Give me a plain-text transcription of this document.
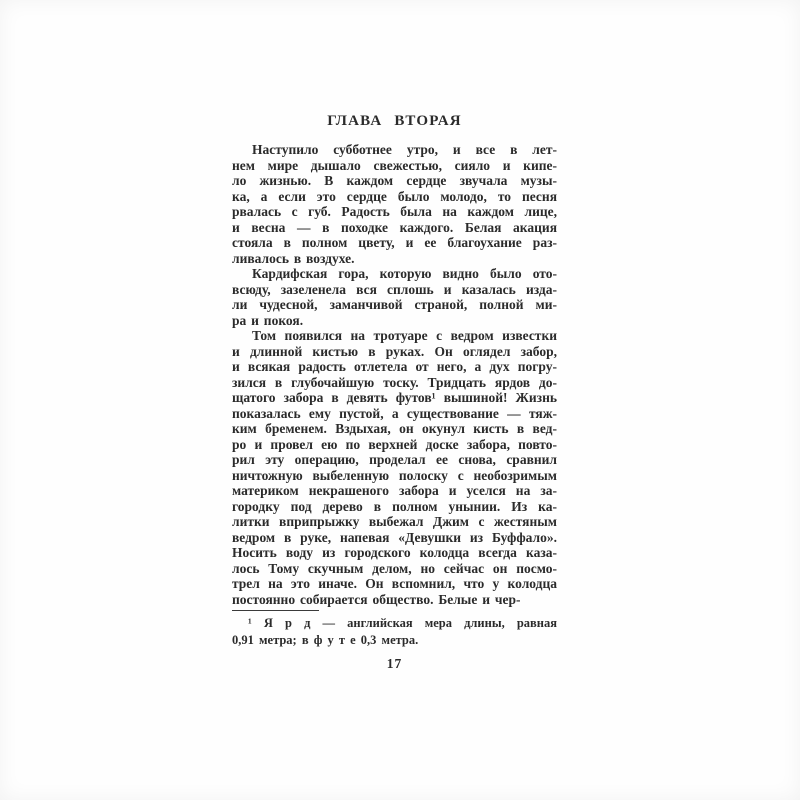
ГЛАВА ВТОРАЯ
Наступило субботнее утро, и все в лет-
нем мире дышало свежестью, сияло и кипе-
ло жизнью. В каждом сердце звучала музы-
ка, а если это сердце было молодо, то песня
рвалась с губ. Радость была на каждом лице,
и весна — в походке каждого. Белая акация
стояла в полном цвету, и ее благоухание раз-
ливалось в воздухе.
Кардифская гора, которую видно было ото-
всюду, зазеленела вся сплошь и казалась изда-
ли чудесной, заманчивой страной, полной ми-
ра и покоя.
Том появился на тротуаре с ведром известки
и длинной кистью в руках. Он оглядел забор,
и всякая радость отлетела от него, а дух погру-
зился в глубочайшую тоску. Тридцать ярдов до-
щатого забора в девять футов¹ вышиной! Жизнь
показалась ему пустой, а существование — тяж-
ким бременем. Вздыхая, он окунул кисть в вед-
ро и провел ею по верхней доске забора, повто-
рил эту операцию, проделал ее снова, сравнил
ничтожную выбеленную полоску с необозримым
материком некрашеного забора и уселся на за-
городку под дерево в полном унынии. Из ка-
литки вприпрыжку выбежал Джим с жестяным
ведром в руке, напевая «Девушки из Буффало».
Носить воду из городского колодца всегда каза-
лось Тому скучным делом, но сейчас он посмо-
трел на это иначе. Он вспомнил, что у колодца
постоянно собирается общество. Белые и чер-
¹ Я р д — английская мера длины, равная
0,91 метра; в ф у т е 0,3 метра.
17
